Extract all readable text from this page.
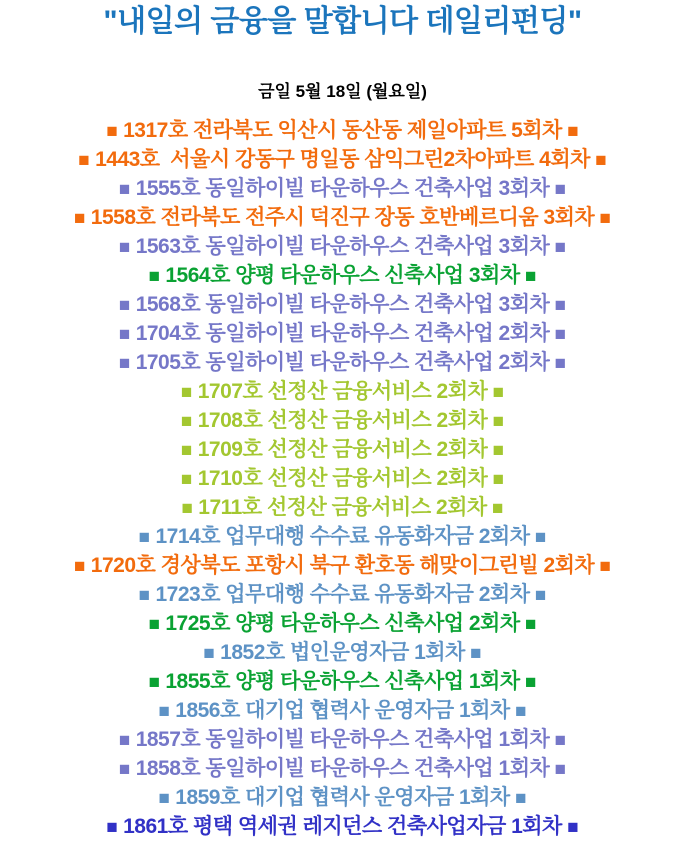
"내일의 금융을 말합니다 데일리펀딩"
금일 5월 18일 (월요일)
■ 1317호 전라북도 익산시 동산동 제일아파트 5회차 ■
■ 1443호  서울시 강동구 명일동 삼익그린2차아파트 4회차 ■
■ 1555호 동일하이빌 타운하우스 건축사업 3회차 ■
■ 1558호 전라북도 전주시 덕진구 장동 호반베르디움 3회차 ■
■ 1563호 동일하이빌 타운하우스 건축사업 3회차 ■
■ 1564호 양평 타운하우스 신축사업 3회차 ■
■ 1568호 동일하이빌 타운하우스 건축사업 3회차 ■
■ 1704호 동일하이빌 타운하우스 건축사업 2회차 ■
■ 1705호 동일하이빌 타운하우스 건축사업 2회차 ■
■ 1707호 선정산 금융서비스 2회차 ■
■ 1708호 선정산 금융서비스 2회차 ■
■ 1709호 선정산 금융서비스 2회차 ■
■ 1710호 선정산 금융서비스 2회차 ■
■ 1711호 선정산 금융서비스 2회차 ■
■ 1714호 업무대행 수수료 유동화자금 2회차 ■
■ 1720호 경상북도 포항시 북구 환호동 해맞이그린빌 2회차 ■
■ 1723호 업무대행 수수료 유동화자금 2회차 ■
■ 1725호 양평 타운하우스 신축사업 2회차 ■
■ 1852호 법인운영자금 1회차 ■
■ 1855호 양평 타운하우스 신축사업 1회차 ■
■ 1856호 대기업 협력사 운영자금 1회차 ■
■ 1857호 동일하이빌 타운하우스 건축사업 1회차 ■
■ 1858호 동일하이빌 타운하우스 건축사업 1회차 ■
■ 1859호 대기업 협력사 운영자금 1회차 ■
■ 1861호 평택 역세권 레지던스 건축사업자금 1회차 ■
